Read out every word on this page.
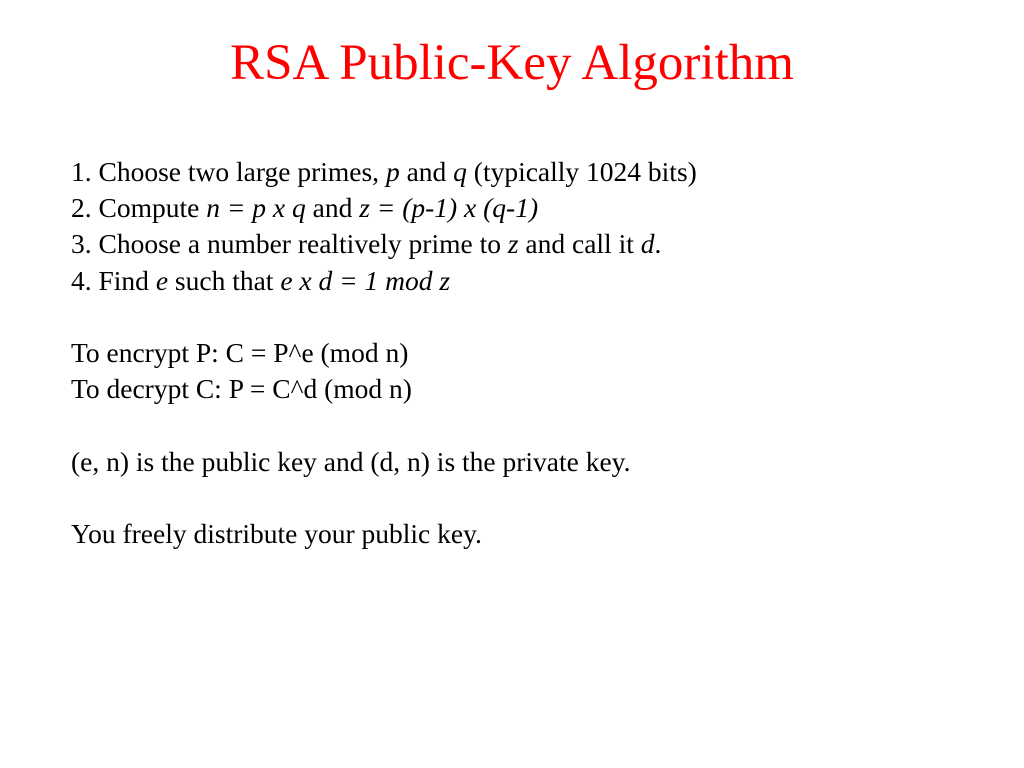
RSA Public-Key Algorithm
1. Choose two large primes, p and q (typically 1024 bits)
2. Compute n = p x q and z = (p-1) x (q-1)
3. Choose a number realtively prime to z and call it d.
4. Find e such that e x d = 1 mod z
To encrypt P: C = P^e (mod n)
To decrypt C: P = C^d (mod n)
(e, n) is the public key and (d, n) is the private key.
You freely distribute your public key.
